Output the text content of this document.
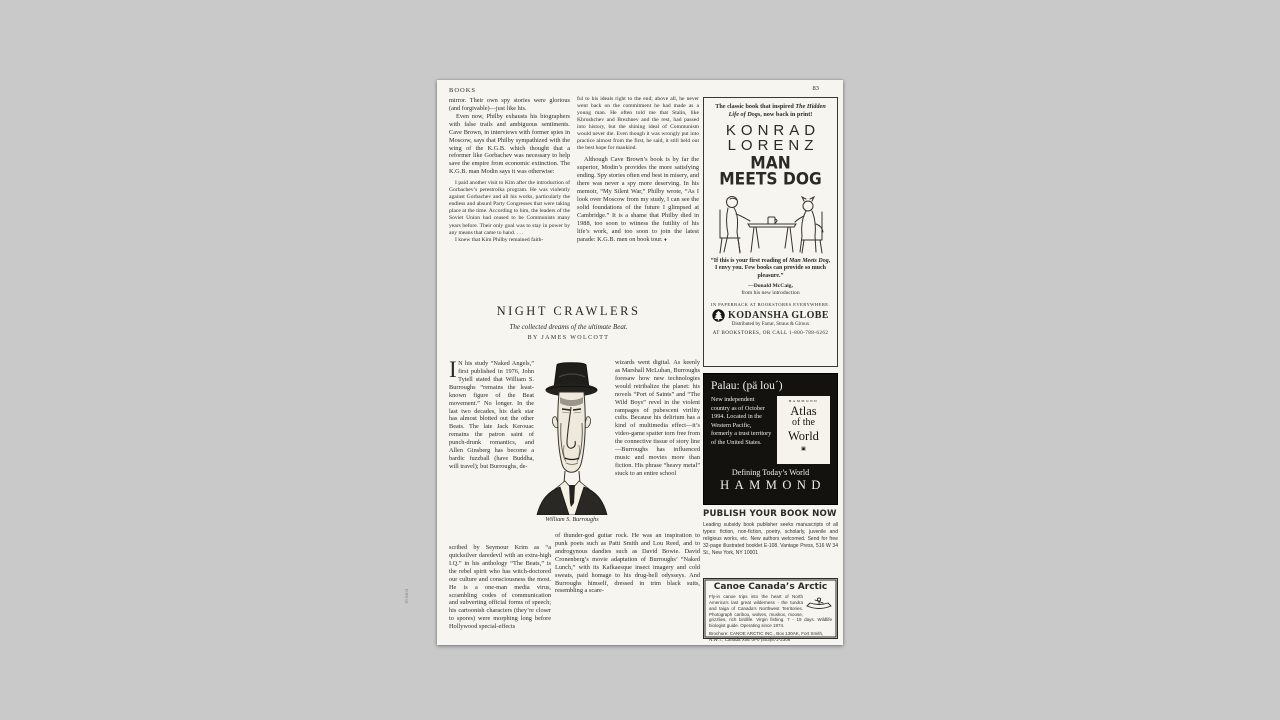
BOOKS	83

mirror. Their own spy stories were glorious (and forgivable)—just like his.

Even now, Philby exhausts his biographers with false trails and ambiguous sentiments. Cave Brown, in interviews with former spies in Moscow, says that Philby sympathized with the wing of the K.G.B. which thought that a reformer like Gorbachev was necessary to help save the empire from economic extinction. The K.G.B. man Modin says it was otherwise:

I paid another visit to Kim after the introduction of Gorbachev’s perestroika program. He was violently against Gorbachev and all his works, particularly the endless and absurd Party Congresses that were taking place at the time. According to him, the leaders of the Soviet Union had ceased to be Communists many years before. Their only goal was to stay in power by any means that came to hand. . . .

I knew that Kim Philby remained faith-

ful to his ideals right to the end; above all, he never went back on the commitment he had made as a young man. He often told me that Stalin, like Khrushchev and Brezhnev and the rest, had passed into history, but the shining ideal of Communism would never die. Even though it was wrongly put into practice almost from the first, he said, it still held out the best hope for mankind.

Although Cave Brown’s book is by far the superior, Modin’s provides the more satisfying ending. Spy stories often end best in misery, and there was never a spy more deserving. In his memoir, “My Silent War,” Philby wrote, “As I look over Moscow from my study, I can see the solid foundations of the future I glimpsed at Cambridge.” It is a shame that Philby died in 1988, too soon to witness the futility of his life’s work, and too soon to join the latest parade: K.G.B. men on book tour. ♦

NIGHT CRAWLERS
The collected dreams of the ultimate Beat.
BY JAMES WOLCOTT
I N his study “Naked Angels,” first published in 1976, John Tytell stated that William S. Burroughs “remains the least-known figure of the Beat movement.” No longer. In the last two decades, his dark star has almost blotted out the other Beats. The late Jack Kerouac remains the patron saint of punch-drunk romantics, and Allen Ginsberg has become a bardic fuzzball (have Buddha, will travel); but Burroughs, de-
scribed by Seymour Krim as “a quicksilver daredevil with an extra-high I.Q.” in his anthology “The Beats,” is the rebel spirit who has witch-doctored our culture and consciousness the most. He is a one-man media virus, scrambling codes of communication and subverting official forms of speech; his cartoonish characters (they’re closer to spores) were morphing long before Hollywood special-effects
William S. Burroughs
wizards went digital. As keenly as Marshall McLuhan, Burroughs foresaw how new technologies would retribalize the planet: his novels “Port of Saints” and “The Wild Boys” revel in the violent rampages of pubescent virility cults. Because his delirium has a kind of multimedia effect—it’s video-game spatter torn free from the connective tissue of story line—Burroughs has influenced music and movies more than fiction. His phrase “heavy metal” stuck to an entire school
of thunder-god guitar rock. He was an inspiration to punk poets such as Patti Smith and Lou Reed, and to androgynous dandies such as David Bowie. David Cronenberg’s movie adaptation of Burroughs’ “Naked Lunch,” with its Kafkaesque insect imagery and cold sweats, paid homage to his drug-hell odysseys. And Burroughs himself, dressed in trim black suits, resembling a scare-
RISKO
The classic book that inspired The Hidden Life of Dogs, now back in print!
KONRAD
LORENZ
MAN
MEETS DOG
“If this is your first reading of Man Meets Dog, I envy you. Few books can provide so much pleasure.”
—Donald McCaig,
from his new introduction
IN PAPERBACK AT BOOKSTORES EVERYWHERE.
KODANSHA GLOBE
Distributed by Farrar, Straus & Giroux
AT BOOKSTORES, OR CALL 1-800-788-6262
Palau: (pä lou´)
New independent country as of October 1994. Located in the Western Pacific, formerly a trust territory of the United States.
HAMMOND
Atlas
of the
World
▣
Defining Today’s World
HAMMOND
PUBLISH YOUR BOOK NOW
Leading subsidy book publisher seeks manuscripts of all types: fiction, non-fiction, poetry, scholarly, juvenile and religious works, etc. New authors welcomed. Send for free 32-page illustrated booklet E-108. Vantage Press, 516 W 34 St., New York, NY 10001
Canoe Canada’s Arctic
Fly-in canoe trips into the heart of North America’s last great wilderness - the tundra and taiga of Canada’s Northwest Territories. Photograph caribou, wolves, muskox, moose, grizzlies, rich birdlife. Virgin fishing. 7 - 19 days. Wildlife biologist guide. Operating since 1974.
Brochure: CANOE ARCTIC INC., Box 130AK, Fort Smith, N.W.T., Canada X0E 0P0 (403)872-2308
